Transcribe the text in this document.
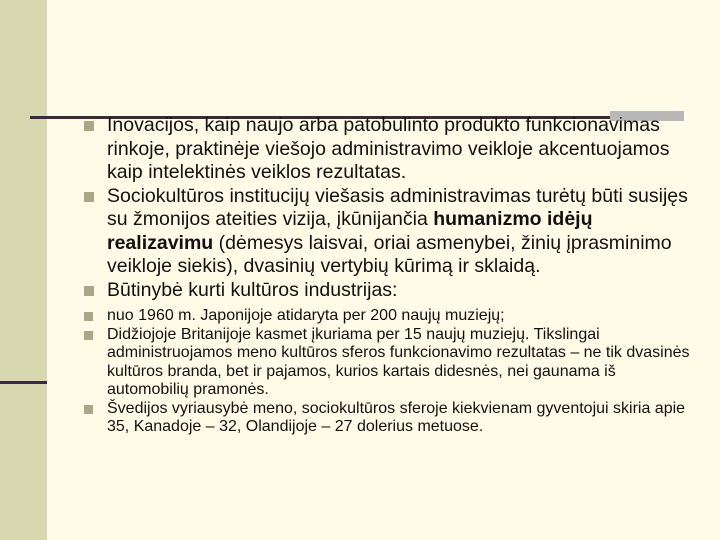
Inovacijos, kaip naujo arba patobulinto produkto funkcionavimas rinkoje, praktinėje viešojo administravimo veikloje akcentuojamos kaip intelektinės veiklos rezultatas.
Sociokultūros institucijų viešasis administravimas turėtų būti susijęs su žmonijos ateities vizija, įkūnijančia humanizmo idėjų realizavimu (dėmesys laisvai, oriai asmenybei, žinių įprasminimo veikloje siekis), dvasinių vertybių kūrimą ir sklaidą.
Būtinybė kurti kultūros industrijas:
nuo 1960 m. Japonijoje atidaryta per 200 naujų muziejų;
Didžiojoje Britanijoje kasmet įkuriama per 15 naujų muziejų. Tikslingai administruojamos meno kultūros sferos funkcionavimo rezultatas – ne tik dvasinės kultūros branda, bet ir pajamos, kurios kartais didesnės, nei gaunama iš automobilių pramonės.
Švedijos vyriausybė meno, sociokultūros sferoje kiekvienam gyventojui skiria apie 35, Kanadoje – 32, Olandijoje – 27 dolerius metuose.
